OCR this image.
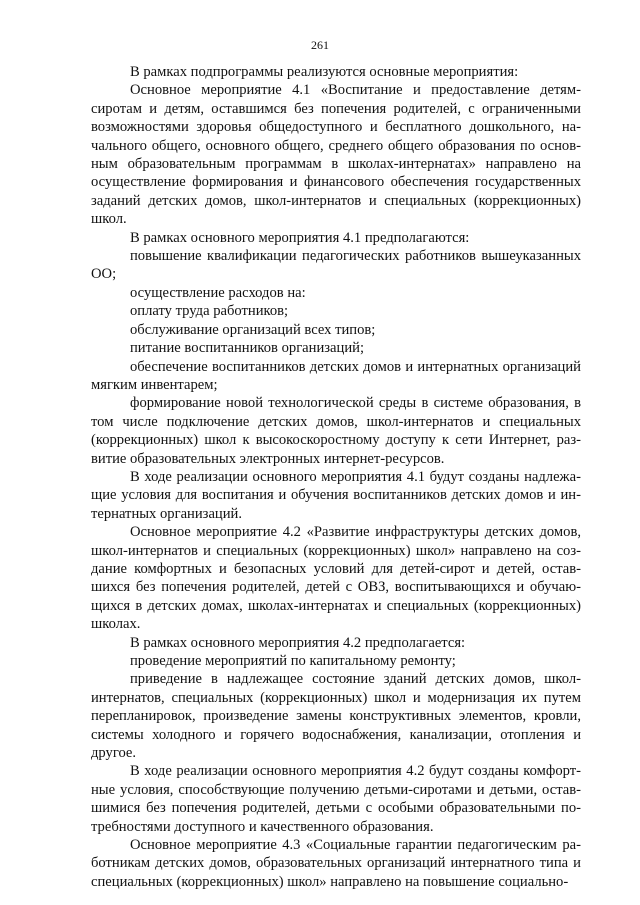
261

В рамках подпрограммы реализуются основные мероприятия:

Основное мероприятие 4.1 «Воспитание и предоставление детям-сиротам и детям, оставшимся без попечения родителей, с ограниченными возможностями здоровья общедоступного и бесплатного дошкольного, начального общего, основного общего, среднего общего образования по основным образовательным программам в школах-интернатах» направлено на осуществление формирования и финансового обеспечения государственных заданий детских домов, школ-интернатов и специальных (коррекционных) школ.

В рамках основного мероприятия 4.1 предполагаются:

повышение квалификации педагогических работников вышеуказанных ОО;

осуществление расходов на:

оплату труда работников;

обслуживание организаций всех типов;

питание воспитанников организаций;

обеспечение воспитанников детских домов и интернатных организаций мягким инвентарем;

формирование новой технологической среды в системе образования, в том числе подключение детских домов, школ-интернатов и специальных (коррекционных) школ к высокоскоростному доступу к сети Интернет, развитие образовательных электронных интернет-ресурсов.

В ходе реализации основного мероприятия 4.1 будут созданы надлежащие условия для воспитания и обучения воспитанников детских домов и интернатных организаций.

Основное мероприятие 4.2 «Развитие инфраструктуры детских домов, школ-интернатов и специальных (коррекционных) школ» направлено на создание комфортных и безопасных условий для детей-сирот и детей, оставшихся без попечения родителей, детей с ОВЗ, воспитывающихся и обучающихся в детских домах, школах-интернатах и специальных (коррекционных) школах.

В рамках основного мероприятия 4.2 предполагается:

проведение мероприятий по капитальному ремонту;

приведение в надлежащее состояние зданий детских домов, школ-интернатов, специальных (коррекционных) школ и модернизация их путем перепланировок, произведение замены конструктивных элементов, кровли, системы холодного и горячего водоснабжения, канализации, отопления и другое.

В ходе реализации основного мероприятия 4.2 будут созданы комфортные условия, способствующие получению детьми-сиротами и детьми, оставшимися без попечения родителей, детьми с особыми образовательными потребностями доступного и качественного образования.

Основное мероприятие 4.3 «Социальные гарантии педагогическим работникам детских домов, образовательных организаций интернатного типа и специальных (коррекционных) школ» направлено на повышение социально-
